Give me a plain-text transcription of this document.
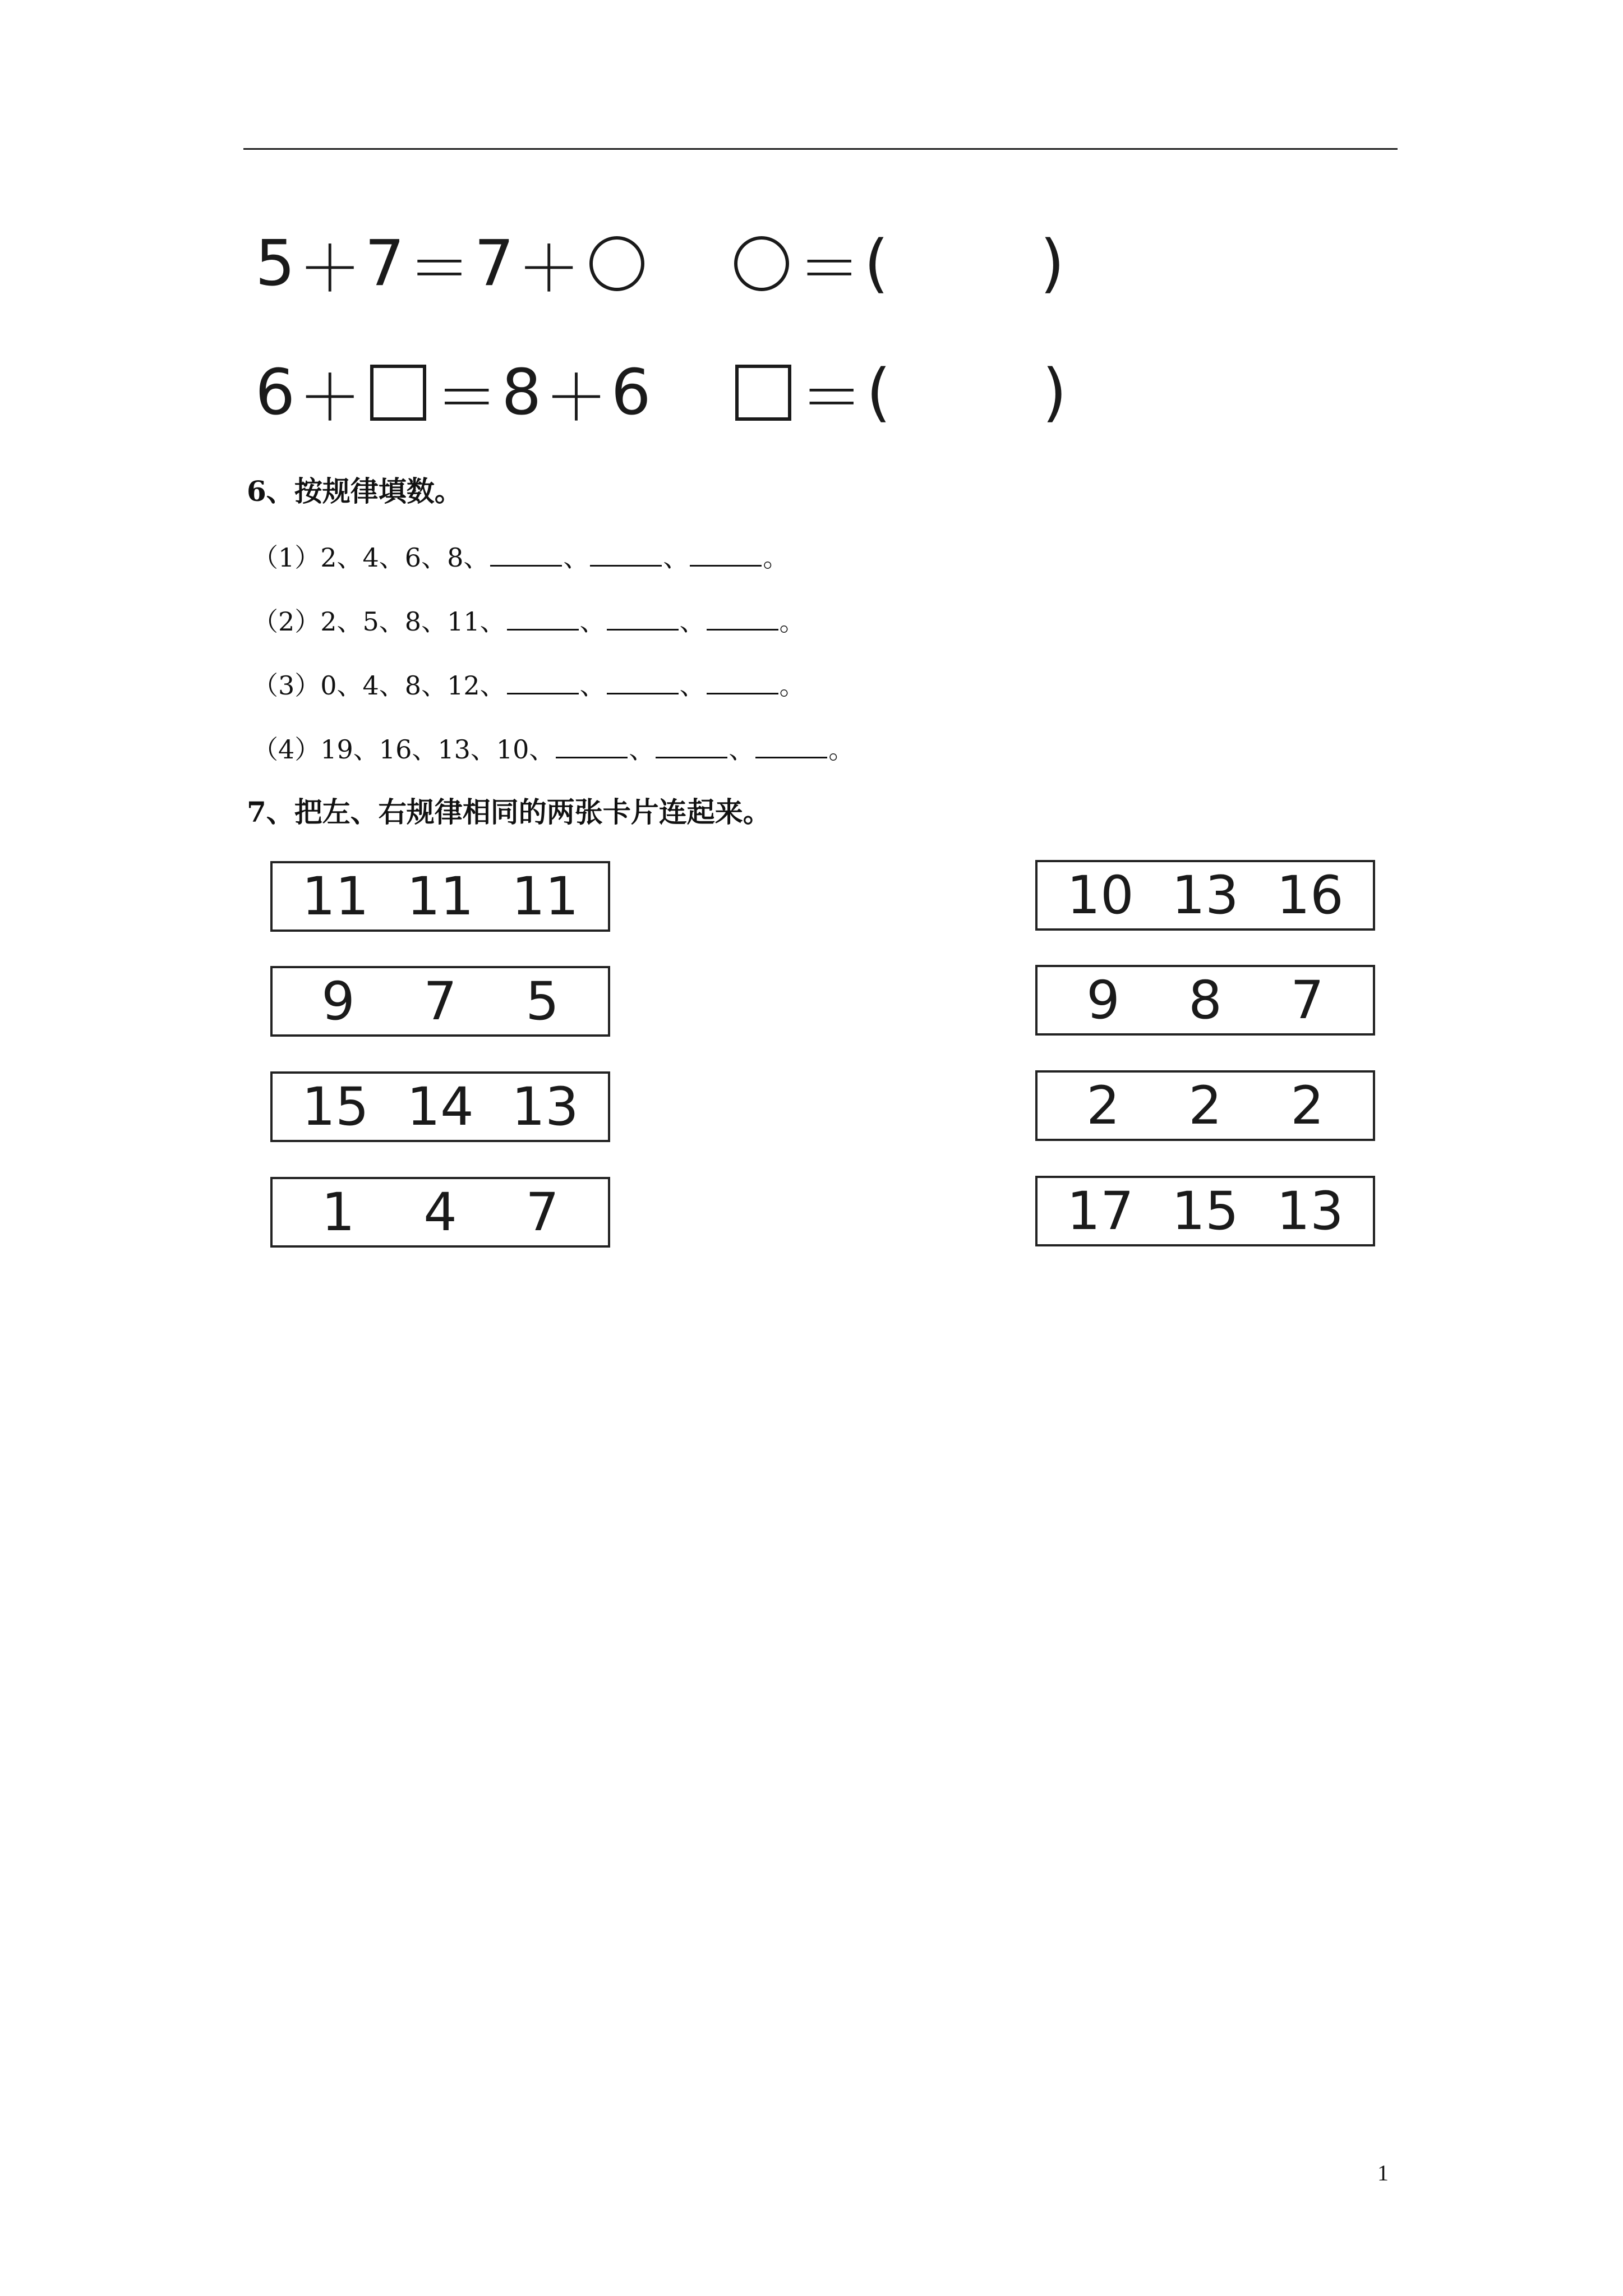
5 ＋ 7 ＝ 7 ＋	＝ ( )
6 ＋ ＝ 8 ＋ 6 ＝ ( )
6、按规律填数。
（1）2、4、6、8、	、	、	。
（2）2、5、8、11、	、	、	。
（3）0、4、8、12、	、	、	。
（4）19、16、13、10、	、	、	。
7、把左、右规律相同的两张卡片连起来。
11 11 11
9	7	5
15 14 13
1	4	7
10 13 16
9	8	7
2	2	2
17 15 13
1
